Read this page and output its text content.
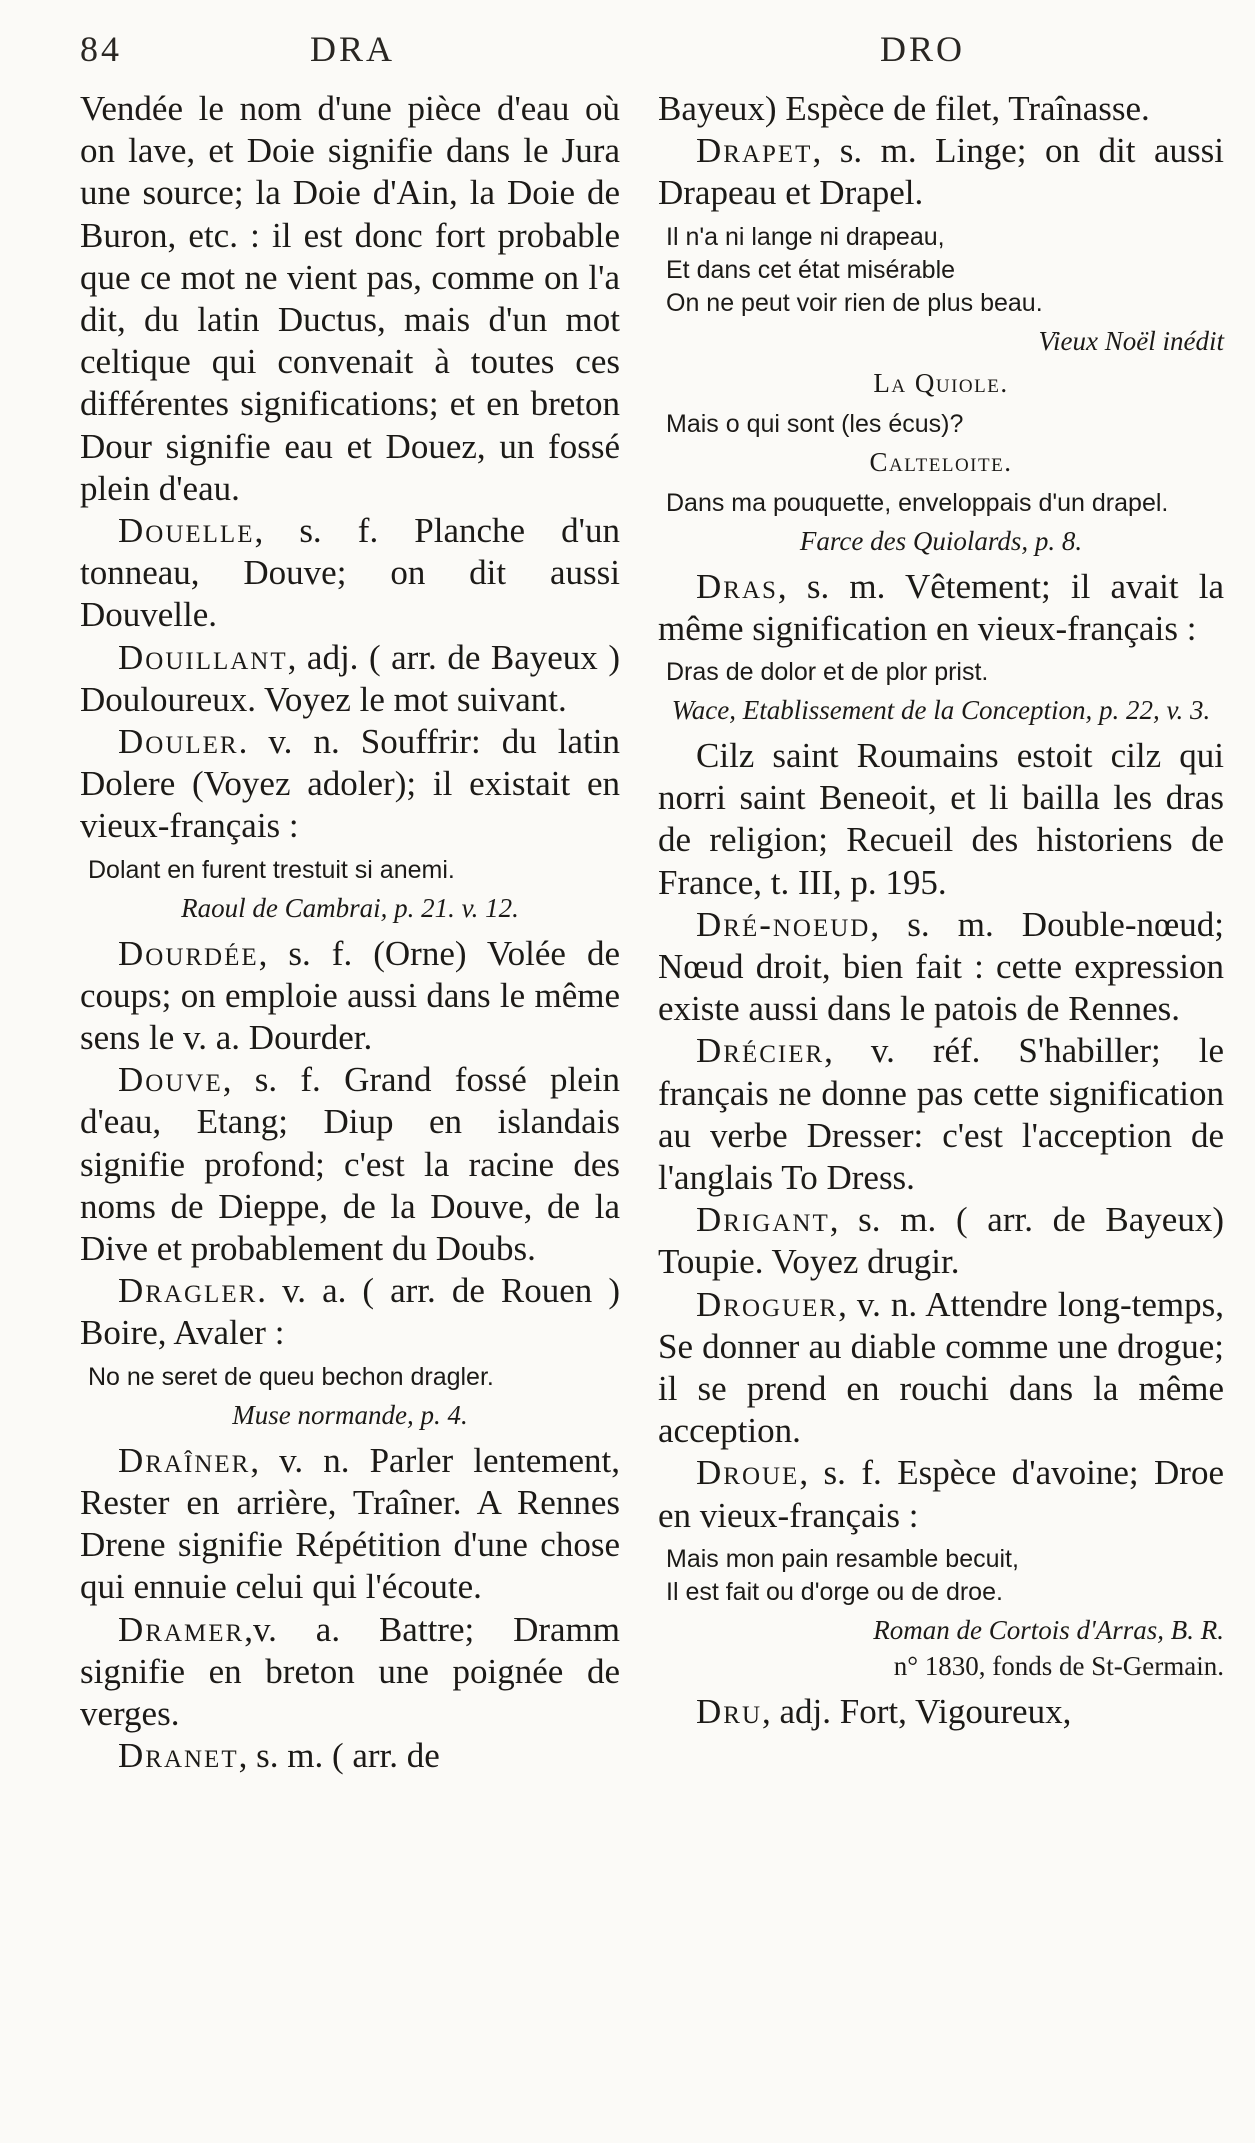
84	DRA	DRO

Vendée le nom d'une pièce d'eau où on lave, et Doie signifie dans le Jura une source; la Doie d'Ain, la Doie de Buron, etc. : il est donc fort probable que ce mot ne vient pas, comme on l'a dit, du latin Ductus, mais d'un mot celtique qui convenait à toutes ces différentes significations; et en breton Dour signifie eau et Douez, un fossé plein d'eau.

Douelle, s. f. Planche d'un tonneau, Douve; on dit aussi Douvelle.

Douillant, adj. ( arr. de Bayeux ) Douloureux. Voyez le mot suivant.

Douler. v. n. Souffrir: du latin Dolere (Voyez adoler); il existait en vieux-français :

Dolant en furent trestuit si anemi.

Raoul de Cambrai, p. 21. v. 12.

Dourdée, s. f. (Orne) Volée de coups; on emploie aussi dans le même sens le v. a. Dourder.

Douve, s. f. Grand fossé plein d'eau, Etang; Diup en islandais signifie profond; c'est la racine des noms de Dieppe, de la Douve, de la Dive et probablement du Doubs.

Dragler. v. a. ( arr. de Rouen ) Boire, Avaler :

No ne seret de queu bechon dragler.

Muse normande, p. 4.

Draîner, v. n. Parler lentement, Rester en arrière, Traîner. A Rennes Drene signifie Répétition d'une chose qui ennuie celui qui l'écoute.

Dramer,v. a. Battre; Dramm signifie en breton une poignée de verges.

Dranet, s. m. ( arr. de

Bayeux) Espèce de filet, Traînasse.

Drapet, s. m. Linge; on dit aussi Drapeau et Drapel.

Il n'a ni lange ni drapeau,

Et dans cet état misérable

On ne peut voir rien de plus beau.

Vieux Noël inédit

La Quiole.

Mais o qui sont (les écus)?

Calteloite.

Dans ma pouquette, enveloppais d'un drapel.

Farce des Quiolards, p. 8.

Dras, s. m. Vêtement; il avait la même signification en vieux-français :

Dras de dolor et de plor prist.

Wace, Etablissement de la Conception, p. 22, v. 3.

Cilz saint Roumains estoit cilz qui norri saint Beneoit, et li bailla les dras de religion; Recueil des historiens de France, t. III, p. 195.

Dré-noeud, s. m. Double-nœud; Nœud droit, bien fait : cette expression existe aussi dans le patois de Rennes.

Drécier, v. réf. S'habiller; le français ne donne pas cette signification au verbe Dresser: c'est l'acception de l'anglais To Dress.

Drigant, s. m. ( arr. de Bayeux) Toupie. Voyez drugir.

Droguer, v. n. Attendre long-temps, Se donner au diable comme une drogue; il se prend en rouchi dans la même acception.

Droue, s. f. Espèce d'avoine; Droe en vieux-français :

Mais mon pain resamble becuit,

Il est fait ou d'orge ou de droe.

Roman de Cortois d'Arras, B. R.

n° 1830, fonds de St-Germain.

Dru, adj. Fort, Vigoureux,
